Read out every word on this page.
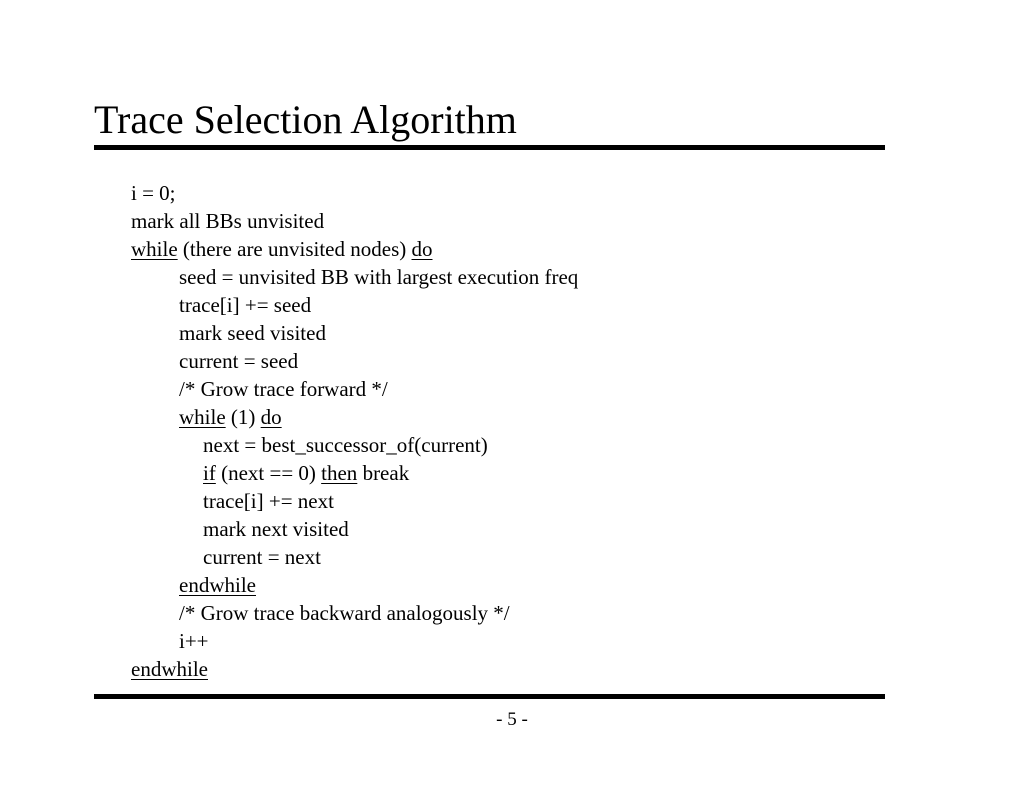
Trace Selection Algorithm
i = 0;
mark all BBs unvisited
while (there are unvisited nodes) do
seed = unvisited BB with largest execution freq
trace[i] += seed
mark seed visited
current = seed
/* Grow trace forward */
while (1) do
next = best_successor_of(current)
if (next == 0) then break
trace[i] += next
mark next visited
current = next
endwhile
/* Grow trace backward analogously */
i++
endwhile
- 5 -
